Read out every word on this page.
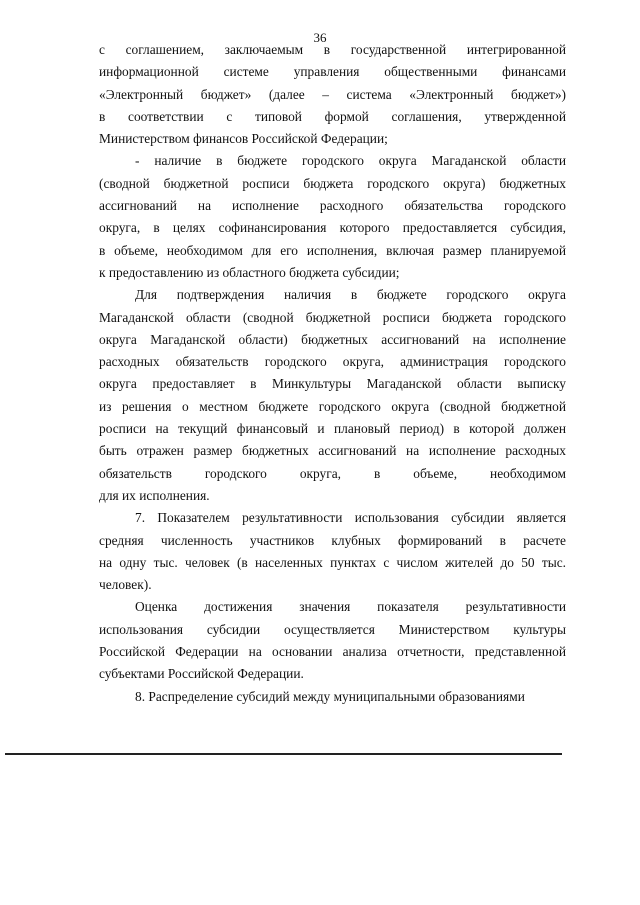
36

с соглашением, заключаемым в государственной интегрированной

информационной системе управления общественными финансами

«Электронный бюджет» (далее – система «Электронный бюджет»)

в соответствии с типовой формой соглашения, утвержденной

Министерством финансов Российской Федерации;

- наличие в бюджете городского округа Магаданской области

(сводной бюджетной росписи бюджета городского округа) бюджетных

ассигнований на исполнение расходного обязательства городского

округа, в целях софинансирования которого предоставляется субсидия,

в объеме, необходимом для его исполнения, включая размер планируемой

к предоставлению из областного бюджета субсидии;

Для подтверждения наличия в бюджете городского округа

Магаданской области (сводной бюджетной росписи бюджета городского

округа Магаданской области) бюджетных ассигнований на исполнение

расходных обязательств городского округа, администрация городского

округа предоставляет в Минкультуры Магаданской области выписку

из решения о местном бюджете городского округа (сводной бюджетной

росписи на текущий финансовый и плановый период) в которой должен

быть отражен размер бюджетных ассигнований на исполнение расходных

обязательств городского округа, в объеме, необходимом

для их исполнения.

7. Показателем результативности использования субсидии является

средняя численность участников клубных формирований в расчете

на одну тыс. человек (в населенных пунктах с числом жителей до 50 тыс.

человек).

Оценка достижения значения показателя результативности

использования субсидии осуществляется Министерством культуры

Российской Федерации на основании анализа отчетности, представленной

субъектами Российской Федерации.

8. Распределение субсидий между муниципальными образованиями
